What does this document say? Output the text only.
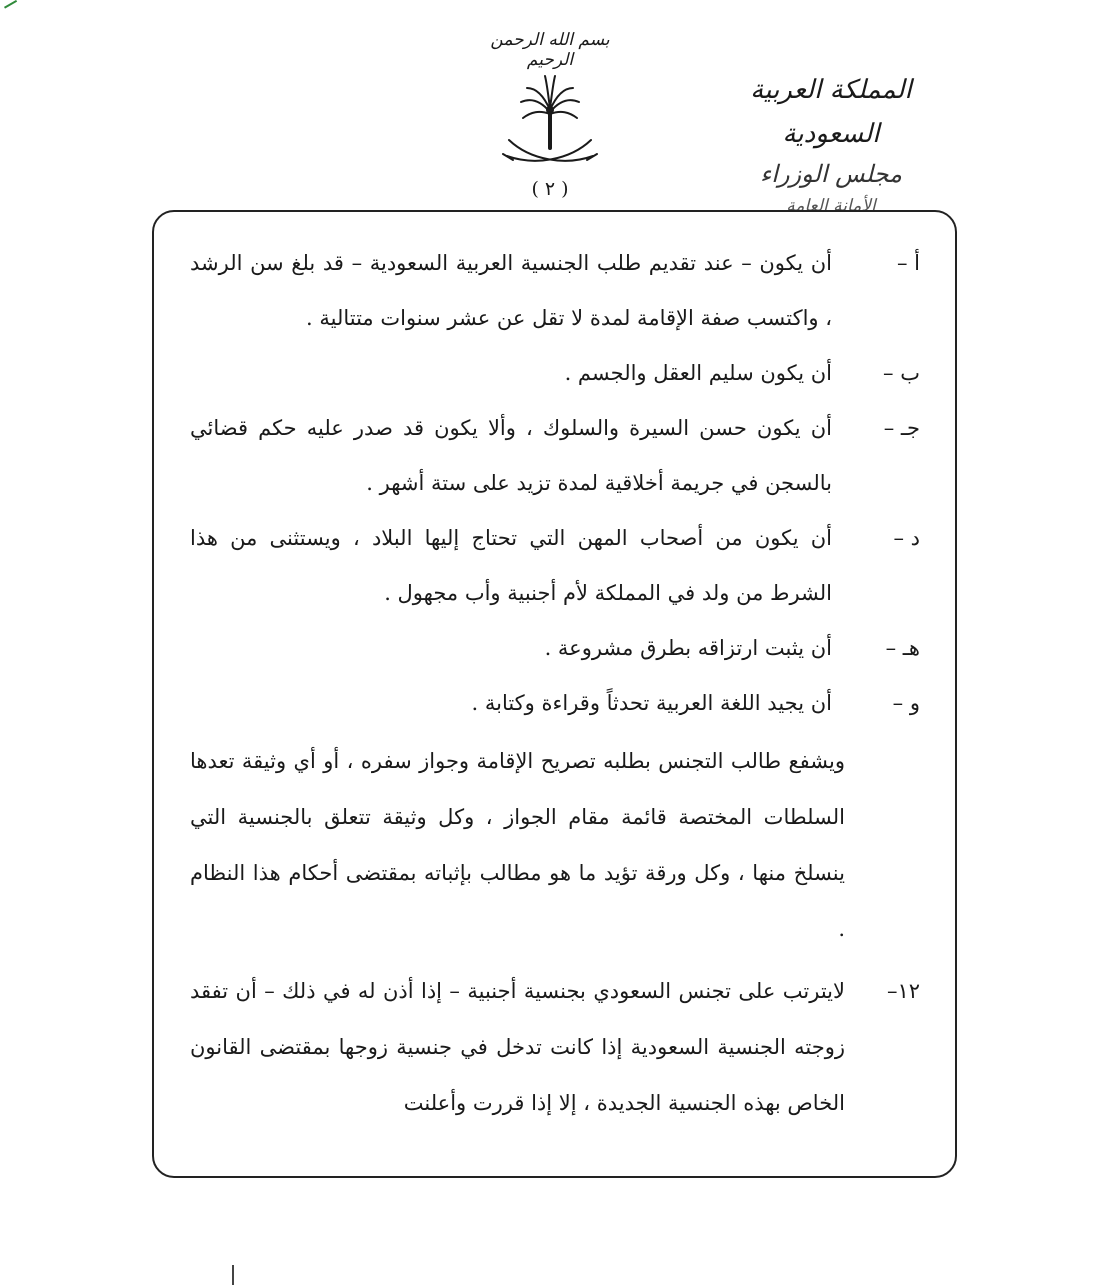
بسم الله الرحمن الرحيم
( ٢ )

المملكة العربية السعودية

مجلس الوزراء

الأمانة العامة

أ –
أن يكون – عند تقديم طلب الجنسية العربية السعودية – قد بلغ سن الرشد ، واكتسب صفة الإقامة لمدة لا تقل عن عشر سنوات متتالية .
ب –
أن يكون سليم العقل والجسم .
جـ –
أن يكون حسن السيرة والسلوك ، وألا يكون قد صدر عليه حكم قضائي بالسجن في جريمة أخلاقية لمدة تزيد على ستة أشهر .
د –
أن يكون من أصحاب المهن التي تحتاج إليها البلاد ، ويستثنى من هذا الشرط من ولد في المملكة لأم أجنبية وأب مجهول .
هـ –
أن يثبت ارتزاقه بطرق مشروعة .
و –
أن يجيد اللغة العربية تحدثاً وقراءة وكتابة .
ويشفع طالب التجنس بطلبه تصريح الإقامة وجواز سفره ، أو أي وثيقة تعدها السلطات المختصة قائمة مقام الجواز ، وكل وثيقة تتعلق بالجنسية التي ينسلخ منها ، وكل ورقة تؤيد ما هو مطالب بإثباته بمقتضى أحكام هذا النظام .
١٢–
لايترتب على تجنس السعودي بجنسية أجنبية – إذا أذن له في ذلك – أن تفقد زوجته الجنسية السعودية إذا كانت تدخل في جنسية زوجها بمقتضى القانون الخاص بهذه الجنسية الجديدة ، إلا إذا قررت وأعلنت
